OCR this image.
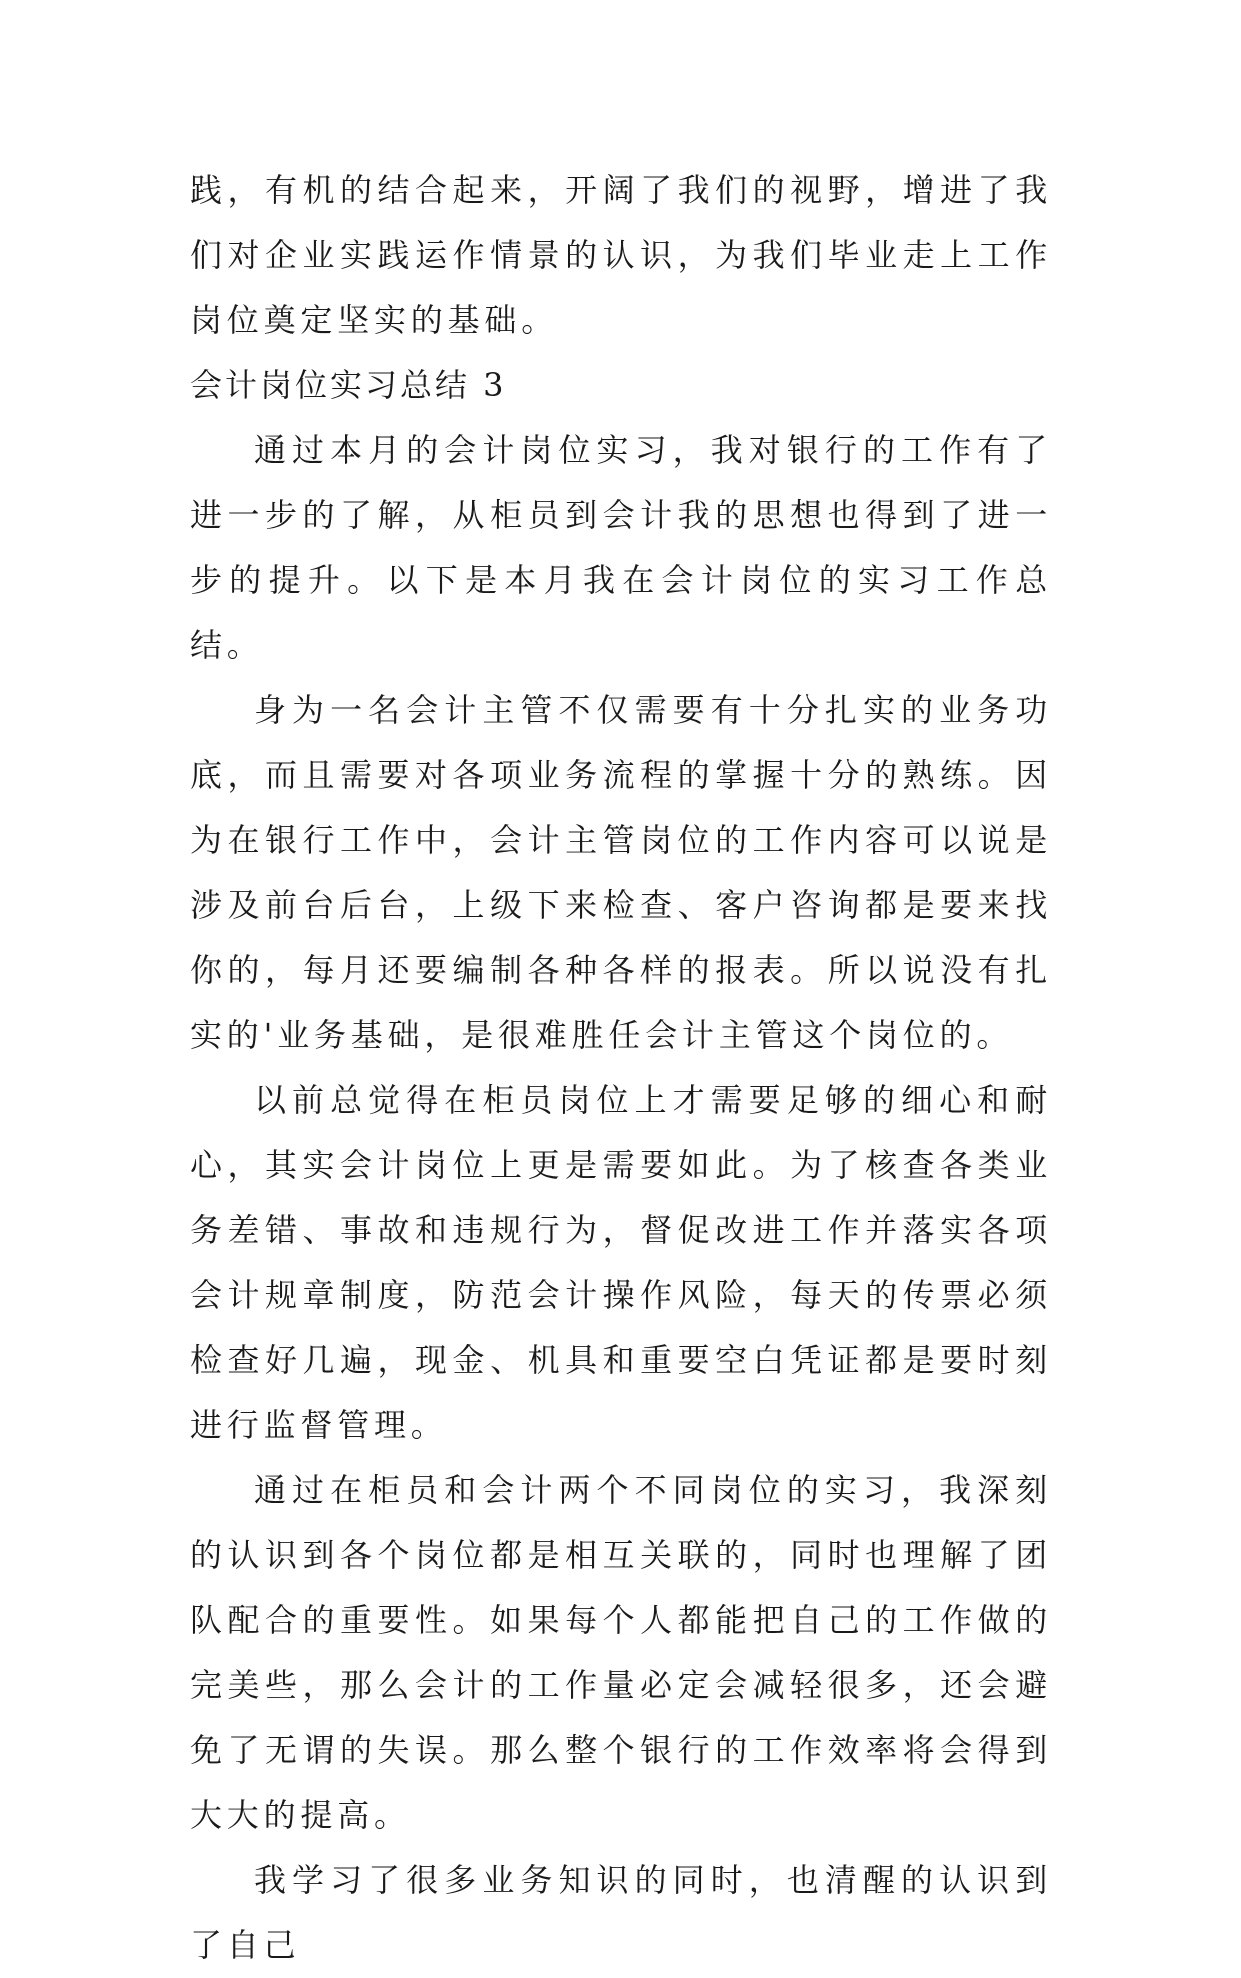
践，有机的结合起来，开阔了我们的视野，增进了我们对企业实践运作情景的认识，为我们毕业走上工作岗位奠定坚实的基础。

会计岗位实习总结 3

通过本月的会计岗位实习，我对银行的工作有了进一步的了解，从柜员到会计我的思想也得到了进一步的提升。以下是本月我在会计岗位的实习工作总结。

身为一名会计主管不仅需要有十分扎实的业务功底，而且需要对各项业务流程的掌握十分的熟练。因为在银行工作中，会计主管岗位的工作内容可以说是涉及前台后台，上级下来检查、客户咨询都是要来找你的，每月还要编制各种各样的报表。所以说没有扎实的'业务基础，是很难胜任会计主管这个岗位的。

以前总觉得在柜员岗位上才需要足够的细心和耐心，其实会计岗位上更是需要如此。为了核查各类业务差错、事故和违规行为，督促改进工作并落实各项会计规章制度，防范会计操作风险，每天的传票必须检查好几遍，现金、机具和重要空白凭证都是要时刻进行监督管理。

通过在柜员和会计两个不同岗位的实习，我深刻的认识到各个岗位都是相互关联的，同时也理解了团队配合的重要性。如果每个人都能把自己的工作做的完美些，那么会计的工作量必定会减轻很多，还会避免了无谓的失误。那么整个银行的工作效率将会得到大大的提高。

我学习了很多业务知识的同时，也清醒的认识到了自己
